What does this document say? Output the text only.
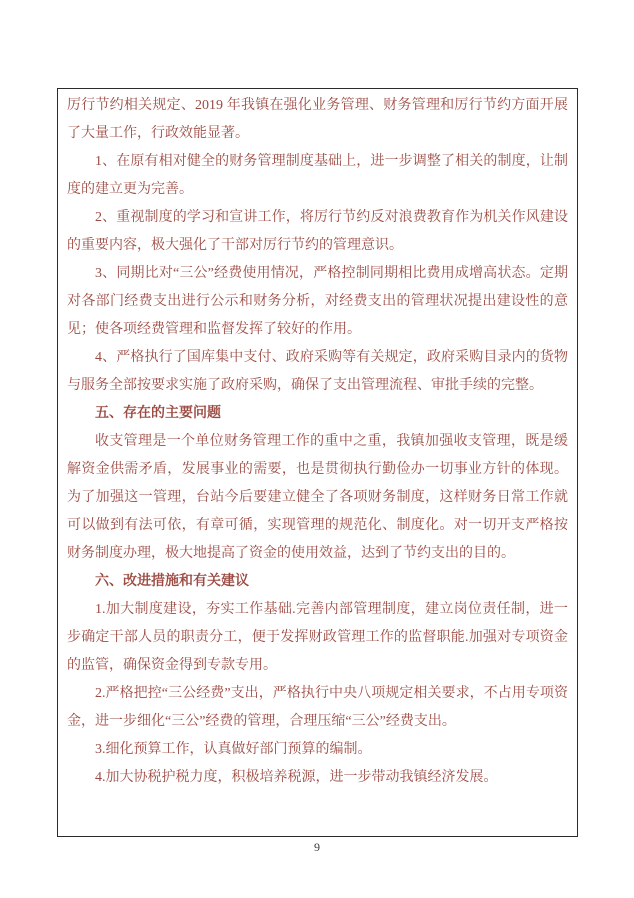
厉行节约相关规定、2019 年我镇在强化业务管理、财务管理和厉行节约方面开展了大量工作，行政效能显著。

1、在原有相对健全的财务管理制度基础上，进一步调整了相关的制度，让制度的建立更为完善。

2、重视制度的学习和宣讲工作，将厉行节约反对浪费教育作为机关作风建设的重要内容，极大强化了干部对厉行节约的管理意识。

3、同期比对“三公”经费使用情况，严格控制同期相比费用成增高状态。定期对各部门经费支出进行公示和财务分析，对经费支出的管理状况提出建设性的意见；使各项经费管理和监督发挥了较好的作用。

4、严格执行了国库集中支付、政府采购等有关规定，政府采购目录内的货物与服务全部按要求实施了政府采购，确保了支出管理流程、审批手续的完整。

五、存在的主要问题

收支管理是一个单位财务管理工作的重中之重，我镇加强收支管理，既是缓解资金供需矛盾，发展事业的需要，也是贯彻执行勤俭办一切事业方针的体现。为了加强这一管理，台站今后要建立健全了各项财务制度，这样财务日常工作就可以做到有法可依，有章可循，实现管理的规范化、制度化。对一切开支严格按财务制度办理，极大地提高了资金的使用效益，达到了节约支出的目的。

六、改进措施和有关建议

1.加大制度建设，夯实工作基础.完善内部管理制度，建立岗位责任制，进一步确定干部人员的职责分工，便于发挥财政管理工作的监督职能.加强对专项资金的监管，确保资金得到专款专用。

2.严格把控“三公经费”支出，严格执行中央八项规定相关要求，不占用专项资金，进一步细化“三公”经费的管理，合理压缩“三公”经费支出。

3.细化预算工作，认真做好部门预算的编制。

4.加大协税护税力度，积极培养税源，进一步带动我镇经济发展。

9
